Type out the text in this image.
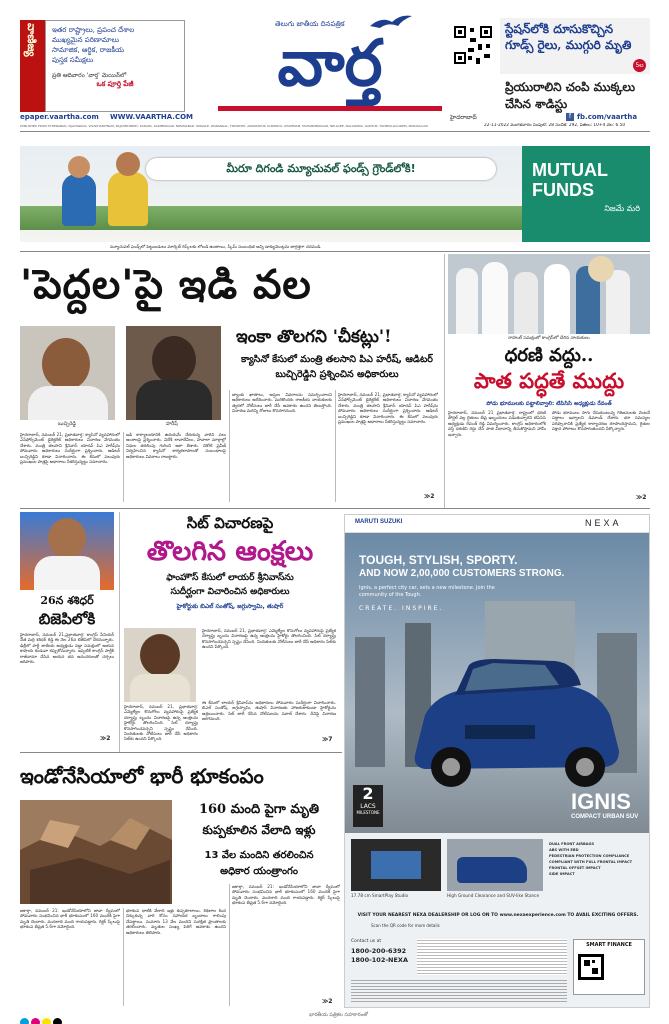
వాణిజ్య	ఇతర రాష్ట్రాలు, ప్రపంచ దేశాల
ముఖ్యమైన పరిణామాలు
సామాజిక, ఆర్థిక, రాజకీయ
పుస్తక సమీక్షలు
ప్రతి ఆదివారం 'వార్త' మెయిన్‌లో
ఒక పూర్తి పేజీ
తెలుగు జాతీయ దినపత్రిక
వార్త	స్టేషన్‌లోకి దూసుకొచ్చిన గూడ్స్ రైలు, ముగ్గురి మృతి
5ల
ప్రియురాలిని చంపి ముక్కలు చేసిన శాడిస్టు
epaper.vaartha.com WWW.VAARTHA.COM	f fb.com/vaartha
హైదరాబాద్
PUBLISHED FROM HYDERABAD, VIJAYAWADA, VISAKHAPATNAM, RAJAHMUNDRY, KADAPA, KARIMNAGAR, NIZAMABAD, ONGOLE, WARANGAL, TIRUPATHI, ANANTAPUR, KURNOOL, KHAMMAM, MAHABUBNAGAR, NELLORE, NALGONDA, GUNTUR, TADEPALLIGUDEM, SRIKAKULAM	22-11-2022 మంగళవారం సంపుటి: 28 సంచిక: 292, పేజీలు: 10+4 వెల: 6.50
మీరూ దిగండి మ్యూచువల్ ఫండ్స్ గ్రౌండ్‌లోకి!	MUTUAL
FUNDS
నిజమే మరి
మ్యూచువల్ ఫండ్స్‌లో పెట్టుబడులు మార్కెట్ రిస్క్‌లకు లోబడి ఉంటాయి, స్కీమ్ సంబంధిత అన్ని డాక్యుమెంట్లను జాగ్రత్తగా చదవండి.
'పెద్దల'పై ఇడి వల
బుచ్చిరెడ్డి	హరీష్
ఇంకా తొలగని 'చీకట్లు'!
క్యాసినో కేసులో మంత్రి తలసాని పిఎ హరీష్, ఆడిటర్ బుచ్చిరెడ్డిని ప్రశ్నించిన అధికారులు
హైదరాబాద్, నవంబర్ 21, ప్రభాతవార్త: క్యాసినో వ్యవహారంలో ఎన్‌ఫోర్స్‌మెంట్ డైరెక్టరేట్ అధికారులు విచారణ వేగవంతం చేశారు. మంత్రి తలసాని శ్రీనివాస్ యాదవ్ పిఎ హరీష్‌ను సోమవారం అధికారులు సుదీర్ఘంగా ప్రశ్నించారు. ఆడిటర్ బుచ్చిరెడ్డిని కూడా విచారించారు. ఈ కేసులో పలువురు ప్రముఖుల పాత్రపై ఆధారాలు సేకరిస్తున్నట్టు సమాచారం.
ఇడి కార్యాలయానికి ఉదయమే చేరుకున్న వారిని పలు అంశాలపై ప్రశ్నించారు. విదేశీ లావాదేవీలు, హవాలా మార్గాల్లో నిధుల తరలింపు గురించి ఆరా తీశారు. చికోటి ప్రవీణ్ నిర్వహించిన క్యాసినో కార్యకలాపాలతో సంబంధాలపై అధికారులు వివరాలు రాబట్టారు.
బ్యాంకు ఖాతాలు, ఆస్తుల వివరాలను సమర్పించాలని అధికారులు ఆదేశించారు. మరికొందరు రాజకీయ నాయకులకు త్వరలో నోటీసులు జారీ చేసే అవకాశం ఉందని తెలుస్తోంది. విచారణ మరిన్ని రోజులు కొనసాగనుంది.
హైదరాబాద్, నవంబర్ 21, ప్రభాతవార్త: క్యాసినో వ్యవహారంలో ఎన్‌ఫోర్స్‌మెంట్ డైరెక్టరేట్ అధికారులు విచారణ వేగవంతం చేశారు. మంత్రి తలసాని శ్రీనివాస్ యాదవ్ పిఎ హరీష్‌ను సోమవారం అధికారులు సుదీర్ఘంగా ప్రశ్నించారు. ఆడిటర్ బుచ్చిరెడ్డిని కూడా విచారించారు. ఈ కేసులో పలువురు ప్రముఖుల పాత్రపై ఆధారాలు సేకరిస్తున్నట్టు సమాచారం.
≫2
రాహుల్ సమక్షంలో కాంగ్రెస్‌లో చేరిన నాయకులు
ధరణి వద్దు..
పాత పద్ధతే ముద్దు
పోడు భూములకు పట్టాలివ్వాలి: టిపిసిసి అధ్యక్షుడు రేవంత్
హైదరాబాద్, నవంబర్ 21 ప్రభాతవార్త: రాష్ట్రంలో ధరణి పోర్టల్ వల్ల రైతులు తీవ్ర ఇబ్బందులు పడుతున్నారని టిపిసిసి అధ్యక్షుడు రేవంత్ రెడ్డి విమర్శించారు. కాంగ్రెస్ అధికారంలోకి వస్తే ధరణిని రద్దు చేసి పాత విధానాన్ని తీసుకొస్తామని హామీ ఇచ్చారు.
పోడు భూములు సాగు చేసుకుంటున్న గిరిజనులకు వెంటనే పట్టాలు ఇవ్వాలని డిమాండ్ చేశారు. భూ సమస్యల పరిష్కారానికి ప్రత్యేక కార్యాచరణ రూపొందిస్తామని, రైతుల పక్షాన పోరాటం కొనసాగుతుందని పేర్కొన్నారు.
≫2
26న శశిధర్
బిజెపిలోకి
హైదరాబాద్, నవంబర్ 21,ప్రభాతవార్త: కాంగ్రెస్ సీనియర్ నేత మర్రి శశిధర్ రెడ్డి ఈ నెల 26న బిజెపిలో చేరనున్నారు. ఢిల్లీలో పార్టీ జాతీయ అధ్యక్షుడు నడ్డా సమక్షంలో ఆయన కాషాయ కండువా కప్పుకోనున్నారు. ఇప్పటికే కాంగ్రెస్ పార్టీకి రాజీనామా చేసిన ఆయన తన అనుచరులతో చర్చలు జరిపారు.
≫2
సిట్ విచారణపై
తొలగిన ఆంక్షలు
ఫాంహౌస్ కేసులో లాయర్ శ్రీనివాస్‌ను
సుదీర్ఘంగా విచారించిన అధికారులు
హైకోర్టుకు బిఎల్ సంతోష్, జగ్గుస్వామి, తుషార్
హైదరాబాద్, నవంబర్ 21, ప్రభాతవార్త: ఎమ్మెల్యేల కొనుగోలు వ్యవహారంపై ప్రత్యేక దర్యాప్తు బృందం విచారణపై ఉన్న ఆంక్షలను హైకోర్టు తొలగించింది. సిట్ దర్యాప్తు కొనసాగించవచ్చని స్పష్టం చేసింది. నిందితులకు నోటీసులు జారీ చేసే అధికారం సిట్‌కు ఉందని పేర్కొంది.
హైదరాబాద్, నవంబర్ 21, ప్రభాతవార్త: ఎమ్మెల్యేల కొనుగోలు వ్యవహారంపై ప్రత్యేక దర్యాప్తు బృందం విచారణపై ఉన్న ఆంక్షలను హైకోర్టు తొలగించింది. సిట్ దర్యాప్తు కొనసాగించవచ్చని స్పష్టం చేసింది. నిందితులకు నోటీసులు జారీ చేసే అధికారం సిట్‌కు ఉందని పేర్కొంది.
ఈ కేసులో లాయర్ శ్రీనివాస్‌ను అధికారులు సోమవారం సుదీర్ఘంగా విచారించారు. బిఎల్ సంతోష్, జగ్గుస్వామి, తుషార్ విచారణకు హాజరుకాకుండా హైకోర్టును ఆశ్రయించారు. సిట్ జారీ చేసిన నోటీసులను సవాల్ చేశారు. దీనిపై విచారణ జరగనుంది.
≫7
MARUTI SUZUKI	NEXA
TOUGH, STYLISH, SPORTY.
AND NOW 2,00,000 CUSTOMERS STRONG.
Ignis, a perfect city car, sets a new milestone. Join the community of the Tough.
CREATE. INSPIRE.
2
LACS
MILESTONE	IGNIS
COMPACT URBAN SUV
17.78 cm SmartPlay Studio	High Ground Clearance and SUV-like Stance
DUAL FRONT AIRBAGS
ABS WITH EBD
PEDESTRIAN PROTECTION COMPLIANCE
COMPLIANT WITH FULL FRONTAL IMPACT
FRONTAL OFFSET IMPACT
SIDE IMPACT
VISIT YOUR NEAREST NEXA DEALERSHIP OR LOG ON TO www.nexaexperience.com TO AVAIL EXCITING OFFERS.
Scan the QR code for more details
Contact us at
1800-200-6392
1800-102-NEXA
SMART FINANCE
ఇండోనేసియాలో భారీ భూకంపం
160 మంది పైగా మృతి
కుప్పకూలిన వేలాది ఇళ్లు
13 వేల మందిని తరలించిన
అధికార యంత్రాంగం
జకార్తా, నవంబర్ 21: ఇండోనేసియాలోని జావా ద్వీపంలో సోమవారం సంభవించిన భారీ భూకంపంలో 160 మందికి పైగా మృతి చెందారు. వందలాది మంది గాయపడ్డారు. రిక్టర్ స్కేలుపై భూకంప తీవ్రత 5.6గా నమోదైంది.
భూకంప ధాటికి వేలాది ఇళ్లు కుప్పకూలాయి. శిథిలాల కింద చిక్కుకున్న వారి కోసం సహాయక బృందాలు గాలింపు చేపట్టాయి. సుమారు 13 వేల మందిని సురక్షిత ప్రాంతాలకు తరలించారు. మృతుల సంఖ్య పెరిగే అవకాశం ఉందని అధికారులు తెలిపారు.
జకార్తా, నవంబర్ 21: ఇండోనేసియాలోని జావా ద్వీపంలో సోమవారం సంభవించిన భారీ భూకంపంలో 160 మందికి పైగా మృతి చెందారు. వందలాది మంది గాయపడ్డారు. రిక్టర్ స్కేలుపై భూకంప తీవ్రత 5.6గా నమోదైంది.
≫2
$^{భారతీయ పత్రికల సహకారంతో}$
